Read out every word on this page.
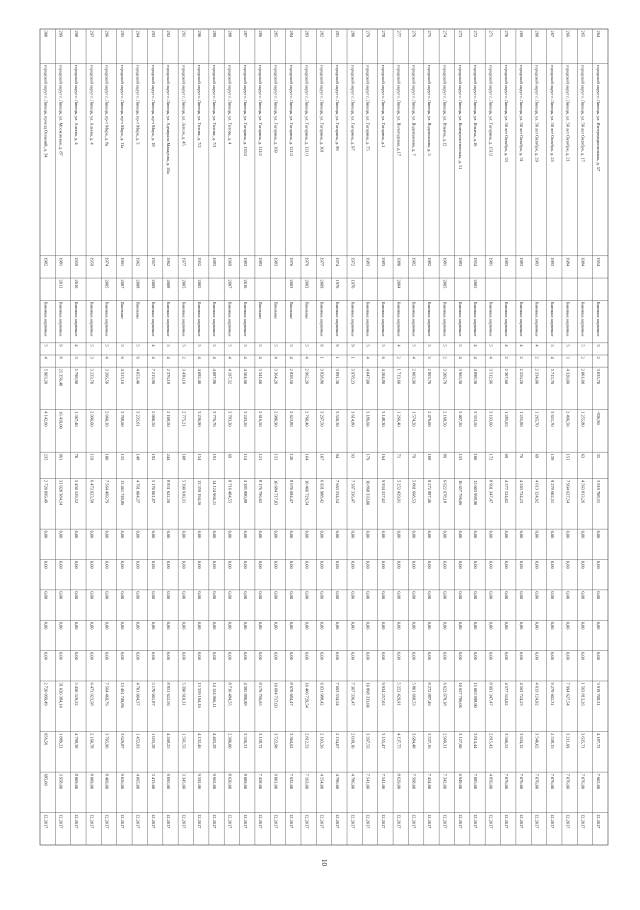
264
городской округ г. Липецк, ул. Интернациональная, д. 57
1954
Каменные, кирпичные
3
2
3 035,70
-936,90
35
3 919 708,31
0,00
0,00
0,00
0,00
0,00
3 919 708,31
4 187,72
7 602,00
12.2017
265
городской округ г. Липецк, ул. 50 лет Октября, д. 17
1984
Каменные, кирпичные
5
2
2 001,00
1 255,80
63
4 563 813,26
0,00
0,00
0,00
0,00
0,00
1 563 813,26
3 635,71
7 076,00
12.2017
266
городской округ г. Липецк, ул. 50 лет Октября, д. 21
1984
Каменные, кирпичные
5
3
4 320,00
2 496,50
151
7 994 627,54
0,00
0,00
0,00
0,00
0,00
7 994 627,54
3 211,69
7 076,00
12.2017
267
городской округ г. Липецк, ул. 50 лет Октября, д. 25
1983
Каменные, кирпичные
5
4
5 715,70
3 651,70
139
9 279 602,31
0,00
0,00
0,00
0,00
0,00
9 279 602,31
2 538,15
7 076,00
12.2017
268
городской округ г. Липецк, ул. 50 лет Октября, д. 29
1983
Каменные, кирпичные
4
2
2 334,00
1 265,70
69
4 613 124,92
0,00
0,00
0,00
0,00
0,00
4 613 124,92
3 540,02
7 076,00
12.2017
269
городской округ г. Липецк, ул. 50 лет Октября, д. 31
1983
Каменные, кирпичные
4
2
2 256,20
1 255,80
76
4 563 724,23
0,00
0,00
0,00
0,00
0,00
4 563 724,23
3 634,12
7 076,00
12.2017
270
городской округ г. Липецк, ул. 50 лет Октября, д. 33
1983
Каменные, кирпичные
4
2
2 307,60
1 285,65
69
4 577 524,02
0,00
0,00
0,00
0,00
0,00
4 577 524,02
3 560,52
7 076,00
12.2017
271
городской округ г. Липецк, ул. Гагарина, д. 151/2
1981
Каменные, кирпичные
5
4
3 512,96
3 193,60
172
8 991 347,47
0,00
0,00
0,00
0,00
0,00
8 991 347,47
2 815,43
4 856,00
12.2017
272
городской округ г. Липецк, ул. Ильича, д.16
1954
2005
Каменные, кирпичные
4
4
4 898,30
3 353,50
100
15 003 998,90
0,00
0,00
0,00
0,00
0,00
15 003 998,90
3 814,44
7 085,00
12.2017
273
городской округ г. Липецк, ул. Коммунистическая, д. 11
1983
Каменные, кирпичные
5
4
3 965,30
3 407,20
153
10 657 796,06
0,00
0,00
0,00
0,00
0,00
10 657 796,06
3 127,60
6 949,00
12.2017
274
городской округ г. Липецк, ул. Ильича, д.12
1981
2005
Каменные, кирпичные
5
2
3 209,70
2 168,50
89
6 622 678,18
0,00
0,00
0,00
0,00
0,00
6 622 678,18
2 999,31
7 342,00
12.2017
275
городской округ г. Липецк, ул. Водопьянова, д. 5
1982
Каменные, кирпичные
5
5
2 863,70
2 479,00
108
8 272 887,46
0,00
0,00
0,00
0,00
0,00
8 272 887,46
3 337,16
7 454,00
12.2017
276
городской округ г. Липецк, ул. Водопьянова, д. 7
1982
Каменные, кирпичные
5
4
2 003,90
1 574,20
79
5 801 668,53
0,00
0,00
0,00
0,00
0,00
5 801 668,53
3 684,48
7 568,00
12.2017
277
городской округ г. Липецк, ул. Вологодская, д.17
1980
2004
Каменные, кирпичные
4
2
1 713,60
1 266,40
71
5 252 429,91
0,00
0,00
0,00
0,00
0,00
5 252 429,91
4 137,75
8 629,00
12.2017
278
городской округ г. Липецк, ул. Гагарина, д.1
1983
Каменные, кирпичные
5
6
4 204,80
3 148,30
164
9 934 257,02
0,00
0,00
0,00
0,00
0,00
9 934 257,02
3 155,47
7 541,00
12.2017
279
городской округ г. Липецк, ул. Гагарина, д. 75
1983
Каменные, кирпичные
5
4
4 047,00
3 186,60
179
10 868 333,00
0,00
0,00
0,00
0,00
0,00
10 868 333,00
3 397,53
7 541,00
12.2017
280
городской округ г. Липецк, ул. Гагарина, д. 97
1972
1976
Каменные, кирпичные
9
1
3 978,23
3 614,80
93
7 367 336,47
0,00
0,00
0,00
0,00
0,00
7 367 336,47
2 038,10
4 786,00
12.2017
281
городской округ г. Липецк, ул. Гагарина, д. 99
1974
1976
Каменные, кирпичные
9
1
3 891,30
3 520,30
94
7 663 534,54
0,00
0,00
0,00
0,00
0,00
7 663 534,54
2 154,07
4 786,00
12.2017
282
городской округ г. Липецк, ул. Гагарина, д. 101
1977
2009
Каменные, кирпичные
9
1
3 828,80
3 297,50
107
6 931 988,42
0,00
0,00
0,00
0,00
0,00
6 931 988,42
2 103,26
4 154,00
12.2017
283
городской округ г. Липецк, ул. Гагарина, д. 121/1
1976
2003
Панельные
5
4
2 962,20
2 760,40
164
10 406 729,54
0,00
0,00
0,00
0,00
0,00
10 406 729,54
2 812,53
7 163,00
12.2017
284
городской округ г. Липецк, ул. Гагарина, д. 121/2
1976
2003
Панельные
5
4
2 828,50
2 623,80
120
8 670 684,47
0,00
0,00
0,00
0,00
0,00
8 670 684,47
3 304,62
7 632,00
12.2017
285
городской округ г. Липецк, ул. Гагарина, д. 169
1983
Панельные
5
4
3 364,20
2 980,90
131
10 684 717,03
0,00
0,00
0,00
0,00
0,00
10 684 717,03
3 723,98
9 001,00
12.2017
286
городской округ г. Липецк, ул. Гагарина, д. 111/2
1983
Панельные
5
4
3 341,00
2 616,50
121
8 176 796,65
0,00
0,00
0,00
0,00
0,00
8 176 796,65
3 158,72
7 458,00
12.2017
287
городской округ г. Липецк, ул. Гагарина, д. 135/2
1983
2016
Каменные, кирпичные
5
4
4 504,60
3 243,20
114
4 385 880,88
0,00
0,00
0,00
0,00
0,00
4 385 880,88
3 350,31
8 009,00
12.2017
288
городской округ г. Липецк, ул. Титова, д. 4
1969
2007
Каменные, кирпичные
5
4
4 197,32
3 783,30
69
8 716 484,55
0,00
0,00
0,00
0,00
0,00
8 716 484,55
2 300,00
8 620,00
12.2017
289
городской округ г. Липецк, ул. Титова, д. 7/1
1983
Каменные, кирпичные
5
4
4 087,80
3 776,70
191
14 124 966,11
0,00
0,00
0,00
0,00
0,00
14 124 966,11
4 403,28
9 662,00
12.2017
290
городской округ г. Липецк, ул. Титова, д. 7/2
1952
2005
Каменные, кирпичные
5
4
4 092,40
3 236,90
154
13 359 194,16
0,00
0,00
0,00
0,00
0,00
13 359 194,16
4 132,46
9 592,00
12.2017
291
городской округ г. Липецк, ул. Зегеля, д. 45
1977
2005
Каменные, кирпичные
5
2
3 430,10
2 775,21
108
5 390 910,31
0,00
0,00
0,00
0,00
0,00
5 390 910,31
1 591,53
3 345,00
12.2017
292
городской округ г. Липецк, ул. Адмирала Макарова, д. 20а
1962
2008
Каменные, кирпичные
5
4
2 376,18
2 108,50
244
8 851 622,56
0,00
0,00
0,00
0,00
0,00
8 851 622,56
4 208,25
9 095,00
12.2017
293
городской округ г. Липецк, пр-т Мира, д. 18
1957
2009
Каменные, кирпичные
4
4
7 213,90
5 000,50
192
5 170 001,87
0,00
0,00
0,00
0,00
0,00
5 170 001,87
1 033,58
3 413,00
12.2017
294
городской округ г. Липецк, пр-т Мира, д. 3
1962
2008
Панельные
5
6
4 053,40
3 235,61
148
4 701 004,37
0,00
0,00
0,00
0,00
0,00
4 701 004,37
1 452,93
4 065,00
12.2017
295
городской округ г. Липецк, пр-т Мира, д. 11а
1991
2007
Панельные
5
6
4 313,10
3 708,60
155
13 461 749,86
0,00
0,00
0,00
0,00
0,00
13 461 749,86
3 629,87
9 026,00
12.2017
296
городской округ г. Липецк, пр-т Мира, д. 8а
1974
2005
Каменные, кирпичные
5
4
3 266,50
2 060,10
100
7 564 469,79
0,00
0,00
0,00
0,00
0,00
7 564 469,79
3 705,96
8 409,00
12.2017
297
городской округ г. Липецк, ул. Алеева, д. 4
1959
Каменные, кирпичные
5
3
3 233,70
2 996,60
119
6 473 923,58
0,00
0,00
0,00
0,00
0,00
6 473 923,58
2 160,78
8 009,00
12.2017
298
городской округ г. Липецк, ул. Алеева, д. 4
1959
2016
Каменные, кирпичные
4
3
5 798,90
1 367,40
70
5 450 529,52
0,00
0,00
0,00
0,00
0,00
5 450 529,52
4 798,38
8 009,00
12.2017
299
городской округ г. Липецк, ул. Московская, д. 87
1981
2011
Каменные, кирпичные
9
8
21 356,40
16 419,00
961
31 020 384,14
0,00
0,00
0,00
0,00
0,00
31 020 384,14
1 889,21
3 958,00
12.2017
300
городской округ г. Липецк, проезд Осенний, д. 34
1982
Каменные, кирпичные
5
4
5 903,20
4 142,60
235
2 720 099,49
0,00
0,00
0,00
0,00
0,00
2 720 099,49
656,56
685,00
12.2017
10
